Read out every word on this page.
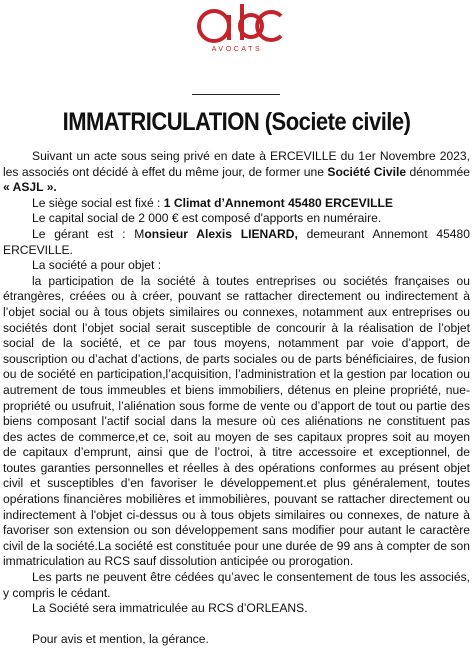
AVOCATS
IMMATRICULATION (Societe civile)

Suivant un acte sous seing privé en date à ERCEVILLE du 1er Novembre 2023, les associés ont décidé à effet du même jour, de former une Société Civile dénommée « ASJL ».

Le siège social est fixé : 1 Climat d’Annemont 45480 ERCEVILLE

Le capital social de 2 000 € est composé d'apports en numéraire.

Le gérant est : Monsieur Alexis LIENARD, demeurant Annemont 45480 ERCEVILLE.

La société a pour objet :

la participation de la société à toutes entreprises ou sociétés françaises ou étrangères, créées ou à créer, pouvant se rattacher directement ou indirectement à l’objet social ou à tous objets similaires ou connexes, notamment aux entreprises ou sociétés dont l’objet social serait susceptible de concourir à la réalisation de l’objet social de la société, et ce par tous moyens, notamment par voie d’apport, de souscription ou d’achat d’actions, de parts sociales ou de parts bénéficiaires, de fusion ou de société en participation,l’acquisition, l’administration et la gestion par location ou autrement de tous immeubles et biens immobiliers, détenus en pleine propriété, nue-propriété ou usufruit, l’aliénation sous forme de vente ou d’apport de tout ou partie des biens composant l’actif social dans la mesure où ces aliénations ne constituent pas des actes de commerce,et ce, soit au moyen de ses capitaux propres soit au moyen de capitaux d’emprunt, ainsi que de l’octroi, à titre accessoire et exceptionnel, de toutes garanties personnelles et réelles à des opérations conformes au présent objet civil et susceptibles d’en favoriser le développement.et plus généralement, toutes opérations financières mobilières et immobilières, pouvant se rattacher directement ou indirectement à l'objet ci-dessus ou à tous objets similaires ou connexes, de nature à favoriser son extension ou son développement sans modifier pour autant le caractère civil de la société.La société est constituée pour une durée de 99 ans à compter de son immatriculation au RCS sauf dissolution anticipée ou prorogation.

Les parts ne peuvent être cédées qu’avec le consentement de tous les associés, y compris le cédant.

La Société sera immatriculée au RCS d’ORLEANS.

Pour avis et mention, la gérance.
